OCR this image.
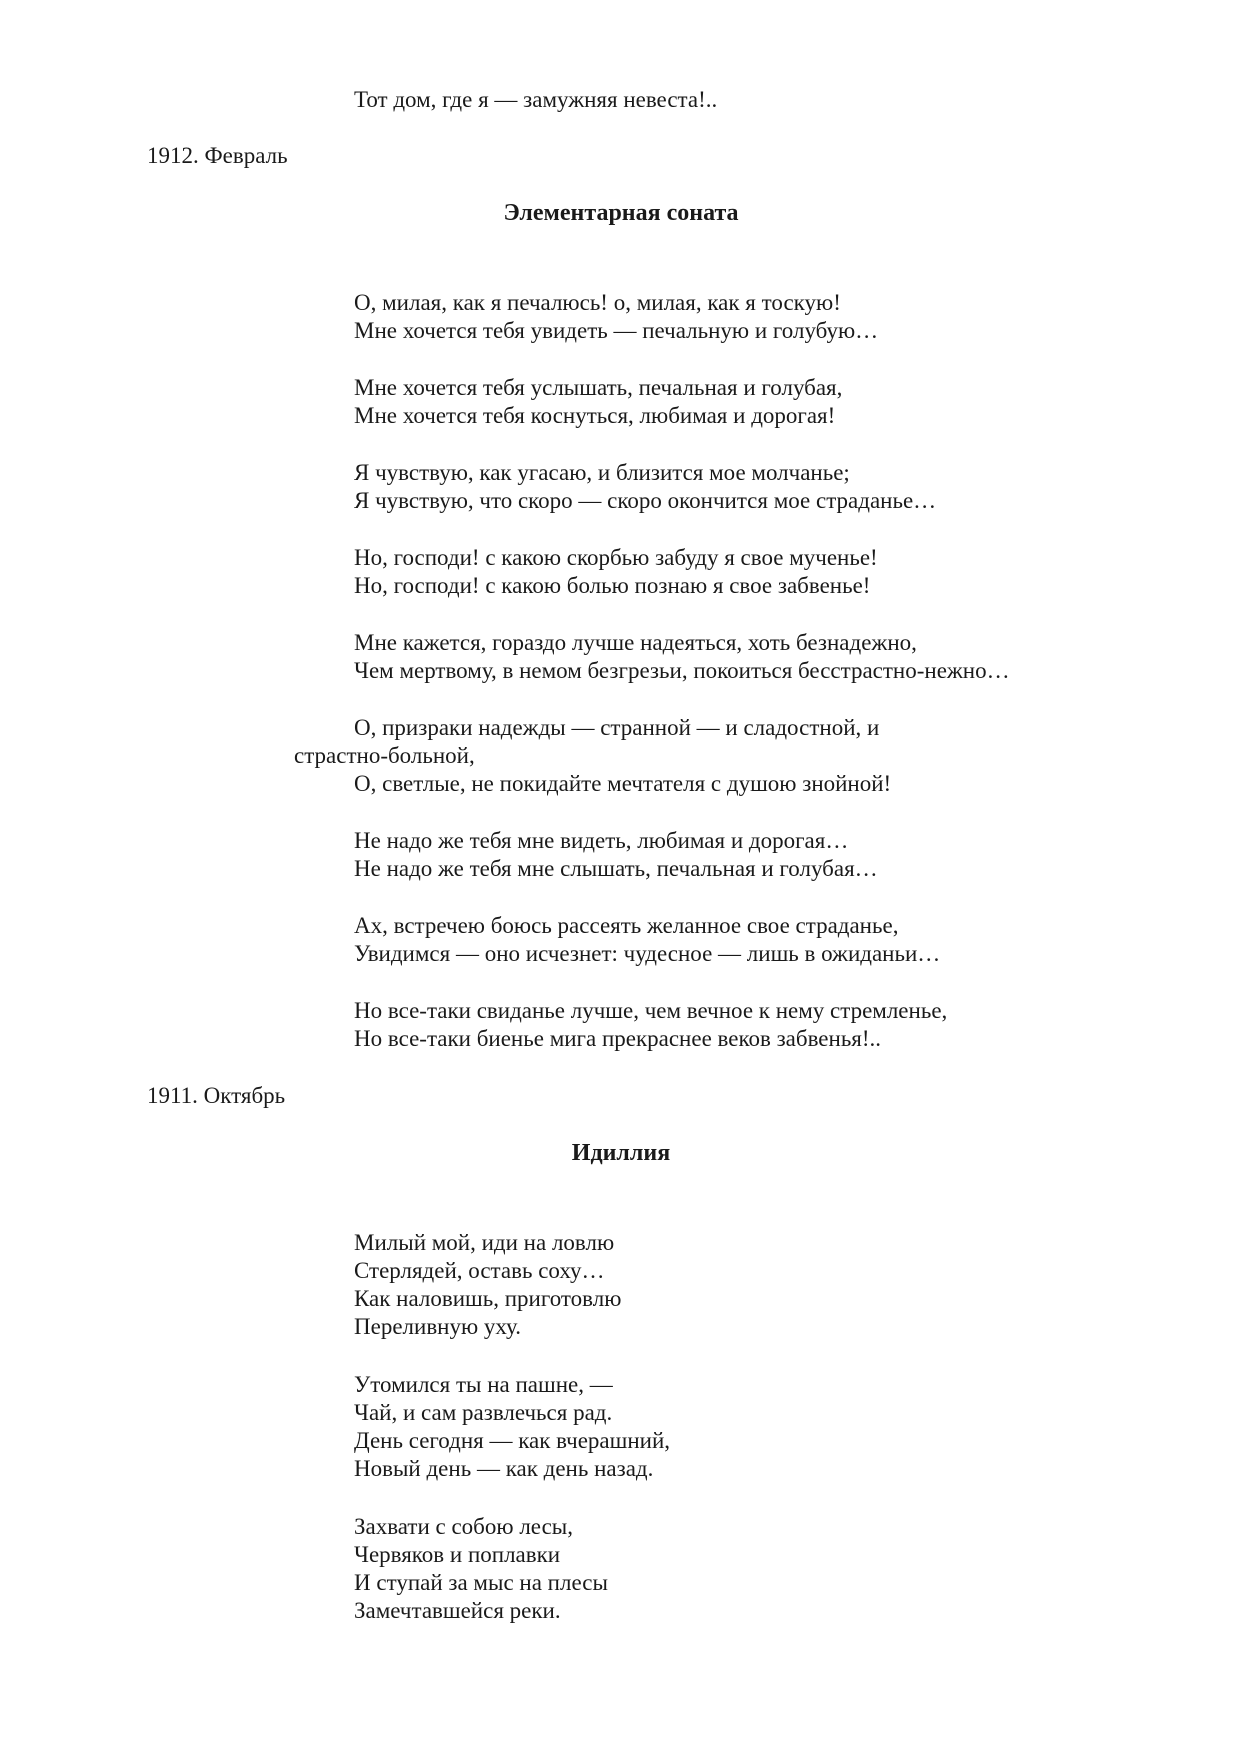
Тот дом, где я — замужняя невеста!..
1912. Февраль
Элементарная соната
О, милая, как я печалюсь! о, милая, как я тоскую!
Мне хочется тебя увидеть — печальную и голубую…
Мне хочется тебя услышать, печальная и голубая,
Мне хочется тебя коснуться, любимая и дорогая!
Я чувствую, как угасаю, и близится мое молчанье;
Я чувствую, что скоро — скоро окончится мое страданье…
Но, господи! с какою скорбью забуду я свое мученье!
Но, господи! с какою болью познаю я свое забвенье!
Мне кажется, гораздо лучше надеяться, хоть безнадежно,
Чем мертвому, в немом безгрезьи, покоиться бесстрастно-нежно…
О, призраки надежды — странной — и сладостной, и
страстно-больной,
О, светлые, не покидайте мечтателя с душою знойной!
Не надо же тебя мне видеть, любимая и дорогая…
Не надо же тебя мне слышать, печальная и голубая…
Ах, встречею боюсь рассеять желанное свое страданье,
Увидимся — оно исчезнет: чудесное — лишь в ожиданьи…
Но все-таки свиданье лучше, чем вечное к нему стремленье,
Но все-таки биенье мига прекраснее веков забвенья!..
1911. Октябрь
Идиллия
Милый мой, иди на ловлю
Стерлядей, оставь соху…
Как наловишь, приготовлю
Переливную уху.
Утомился ты на пашне, —
Чай, и сам развлечься рад.
День сегодня — как вчерашний,
Новый день — как день назад.
Захвати с собою лесы,
Червяков и поплавки
И ступай за мыс на плесы
Замечтавшейся реки.
